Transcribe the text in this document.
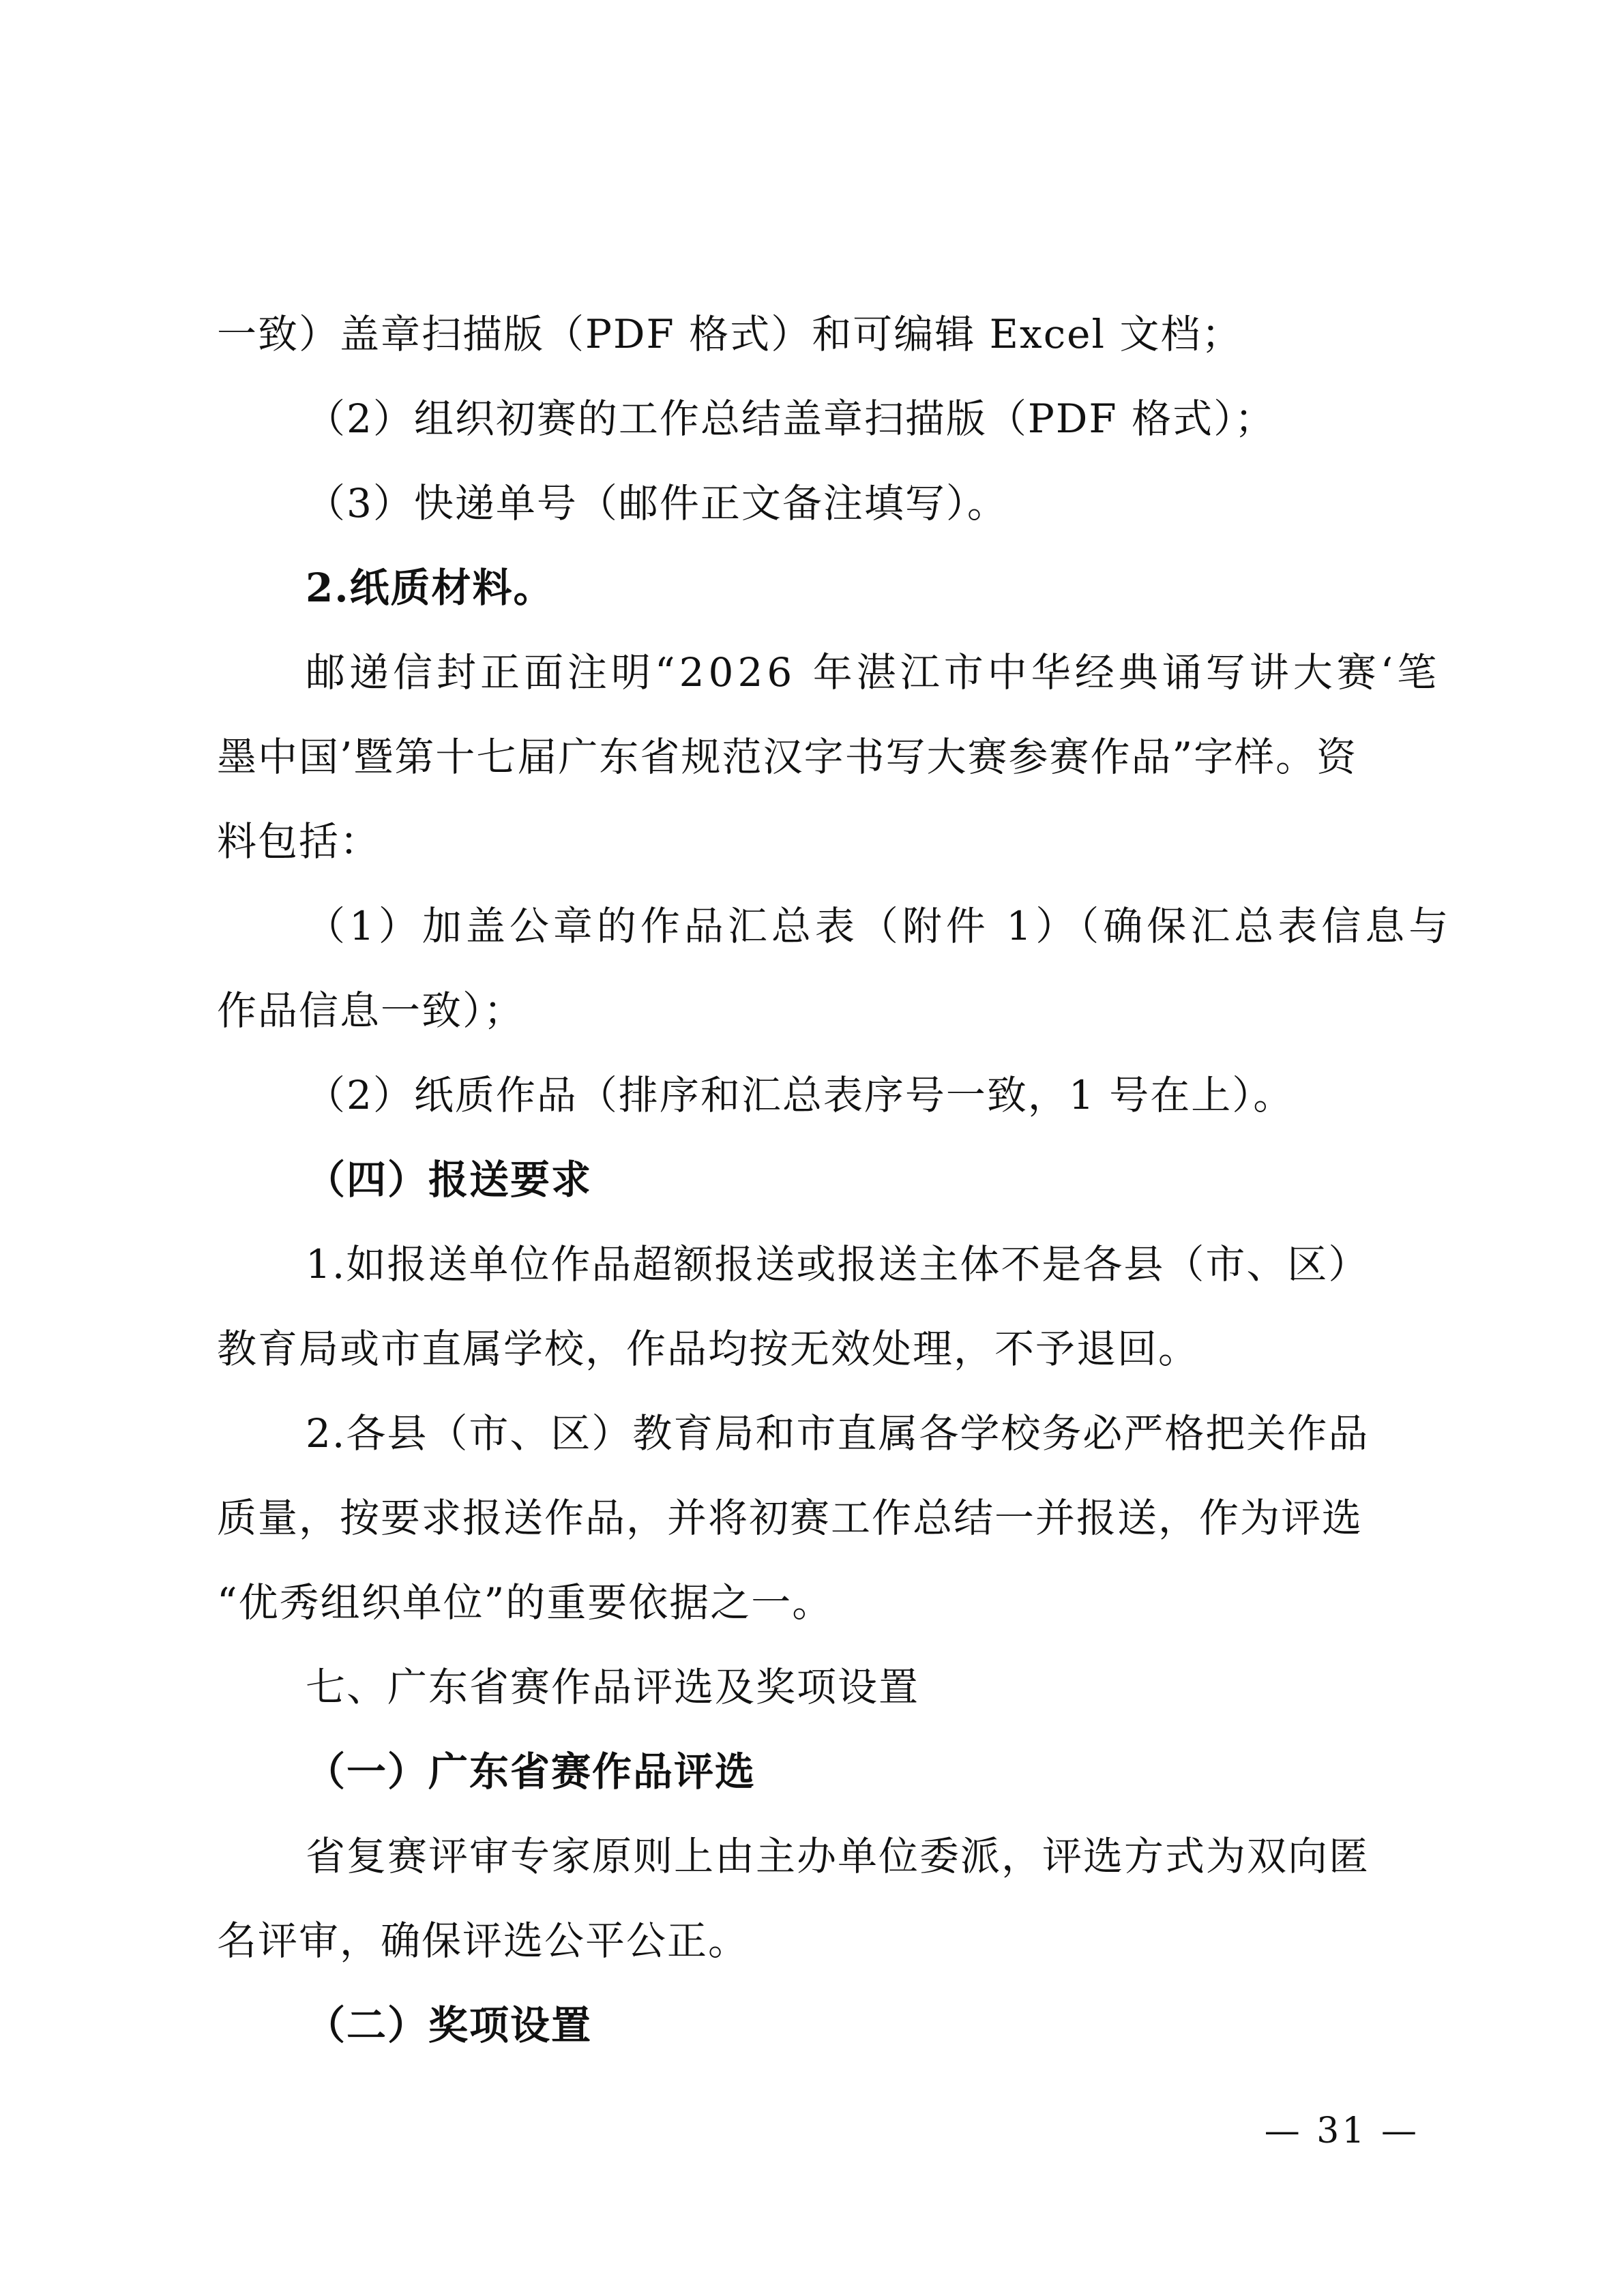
一致）盖章扫描版（PDF 格式）和可编辑 Excel 文档；
（2）组织初赛的工作总结盖章扫描版（PDF 格式）；
（3）快递单号（邮件正文备注填写）。
2.纸质材料。
邮递信封正面注明“2026 年湛江市中华经典诵写讲大赛‘笔
墨中国’暨第十七届广东省规范汉字书写大赛参赛作品”字样。资
料包括：
（1）加盖公章的作品汇总表（附件 1）（确保汇总表信息与
作品信息一致）；
（2）纸质作品（排序和汇总表序号一致，1 号在上）。
（四）报送要求
1.如报送单位作品超额报送或报送主体不是各县（市、区）
教育局或市直属学校，作品均按无效处理，不予退回。
2.各县（市、区）教育局和市直属各学校务必严格把关作品
质量，按要求报送作品，并将初赛工作总结一并报送，作为评选
“优秀组织单位”的重要依据之一。
七、广东省赛作品评选及奖项设置
（一）广东省赛作品评选
省复赛评审专家原则上由主办单位委派，评选方式为双向匿
名评审，确保评选公平公正。
（二）奖项设置
— 31 —
